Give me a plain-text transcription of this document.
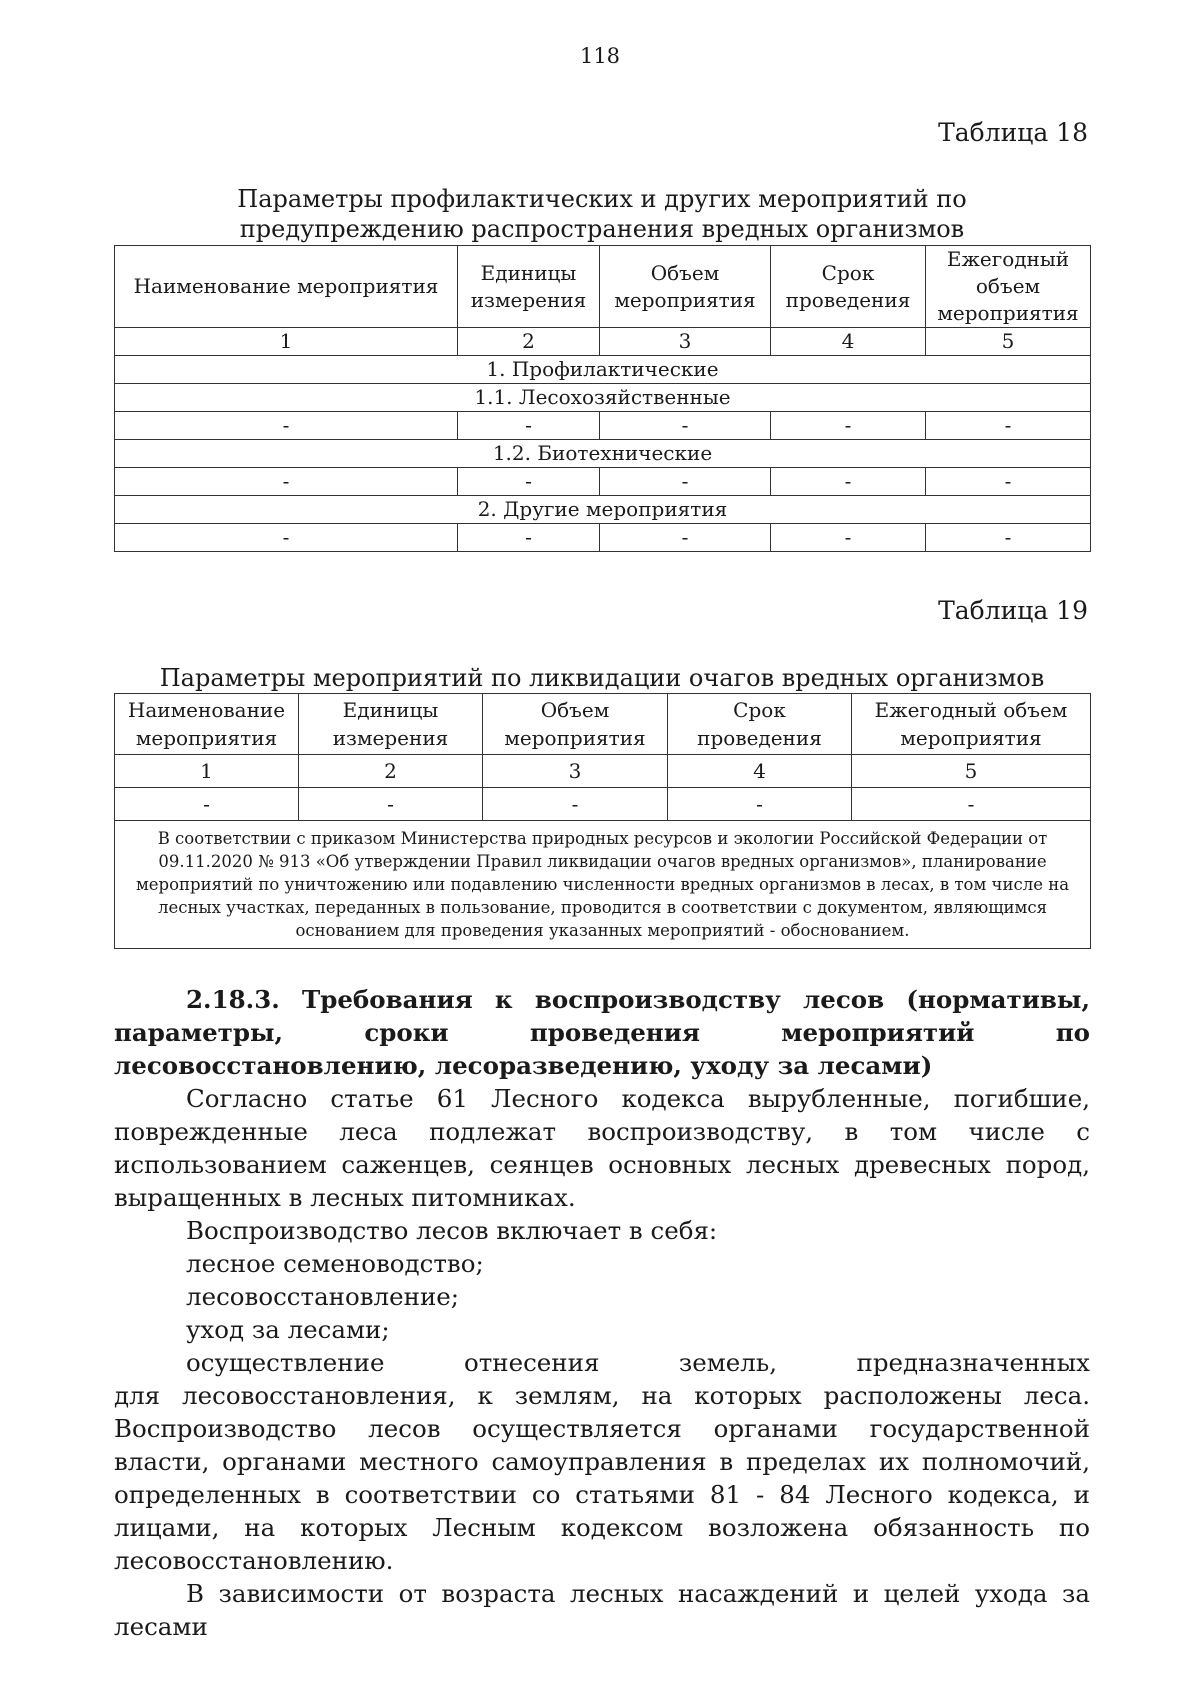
118
Таблица 18
Параметры профилактических и других мероприятий по
предупреждению распространения вредных организмов
Наименование мероприятия	Единицы измерения	Объем мероприятия	Срок проведения	Ежегодный объем мероприятия
1	2	3	4	5
1. Профилактические				
1.1. Лесохозяйственные				
-	-	-	-	-
1.2. Биотехнические				
-	-	-	-	-
2. Другие мероприятия				
-	-	-	-	-
Таблица 19
Параметры мероприятий по ликвидации очагов вредных организмов
Наименование мероприятия	Единицы измерения	Объем мероприятия	Срок проведения	Ежегодный объем мероприятия
1	2	3	4	5
-	-	-	-	-
В соответствии с приказом Министерства природных ресурсов и экологии Российской Федерации от 09.11.2020 № 913 «Об утверждении Правил ликвидации очагов вредных организмов», планирование мероприятий по уничтожению или подавлению численности вредных организмов в лесах, в том числе на лесных участках, переданных в пользование, проводится в соответствии с документом, являющимся основанием для проведения указанных мероприятий - обоснованием.				
2.18.3. Требования к воспроизводству лесов (нормативы, параметры, сроки проведения мероприятий по лесовосстановлению, лесоразведению, уходу за лесами)

Согласно статье 61 Лесного кодекса вырубленные, погибшие, поврежденные леса подлежат воспроизводству, в том числе с использованием саженцев, сеянцев основных лесных древесных пород, выращенных в лесных питомниках.

Воспроизводство лесов включает в себя:

лесное семеноводство;

лесовосстановление;

уход за лесами;

осуществление отнесения земель, предназначенных

для лесовосстановления, к землям, на которых расположены леса. Воспроизводство лесов осуществляется органами государственной власти, органами местного самоуправления в пределах их полномочий, определенных в соответствии со статьями 81 - 84 Лесного кодекса, и лицами, на которых Лесным кодексом возложена обязанность по лесовосстановлению.

В зависимости от возраста лесных насаждений и целей ухода за лесами
